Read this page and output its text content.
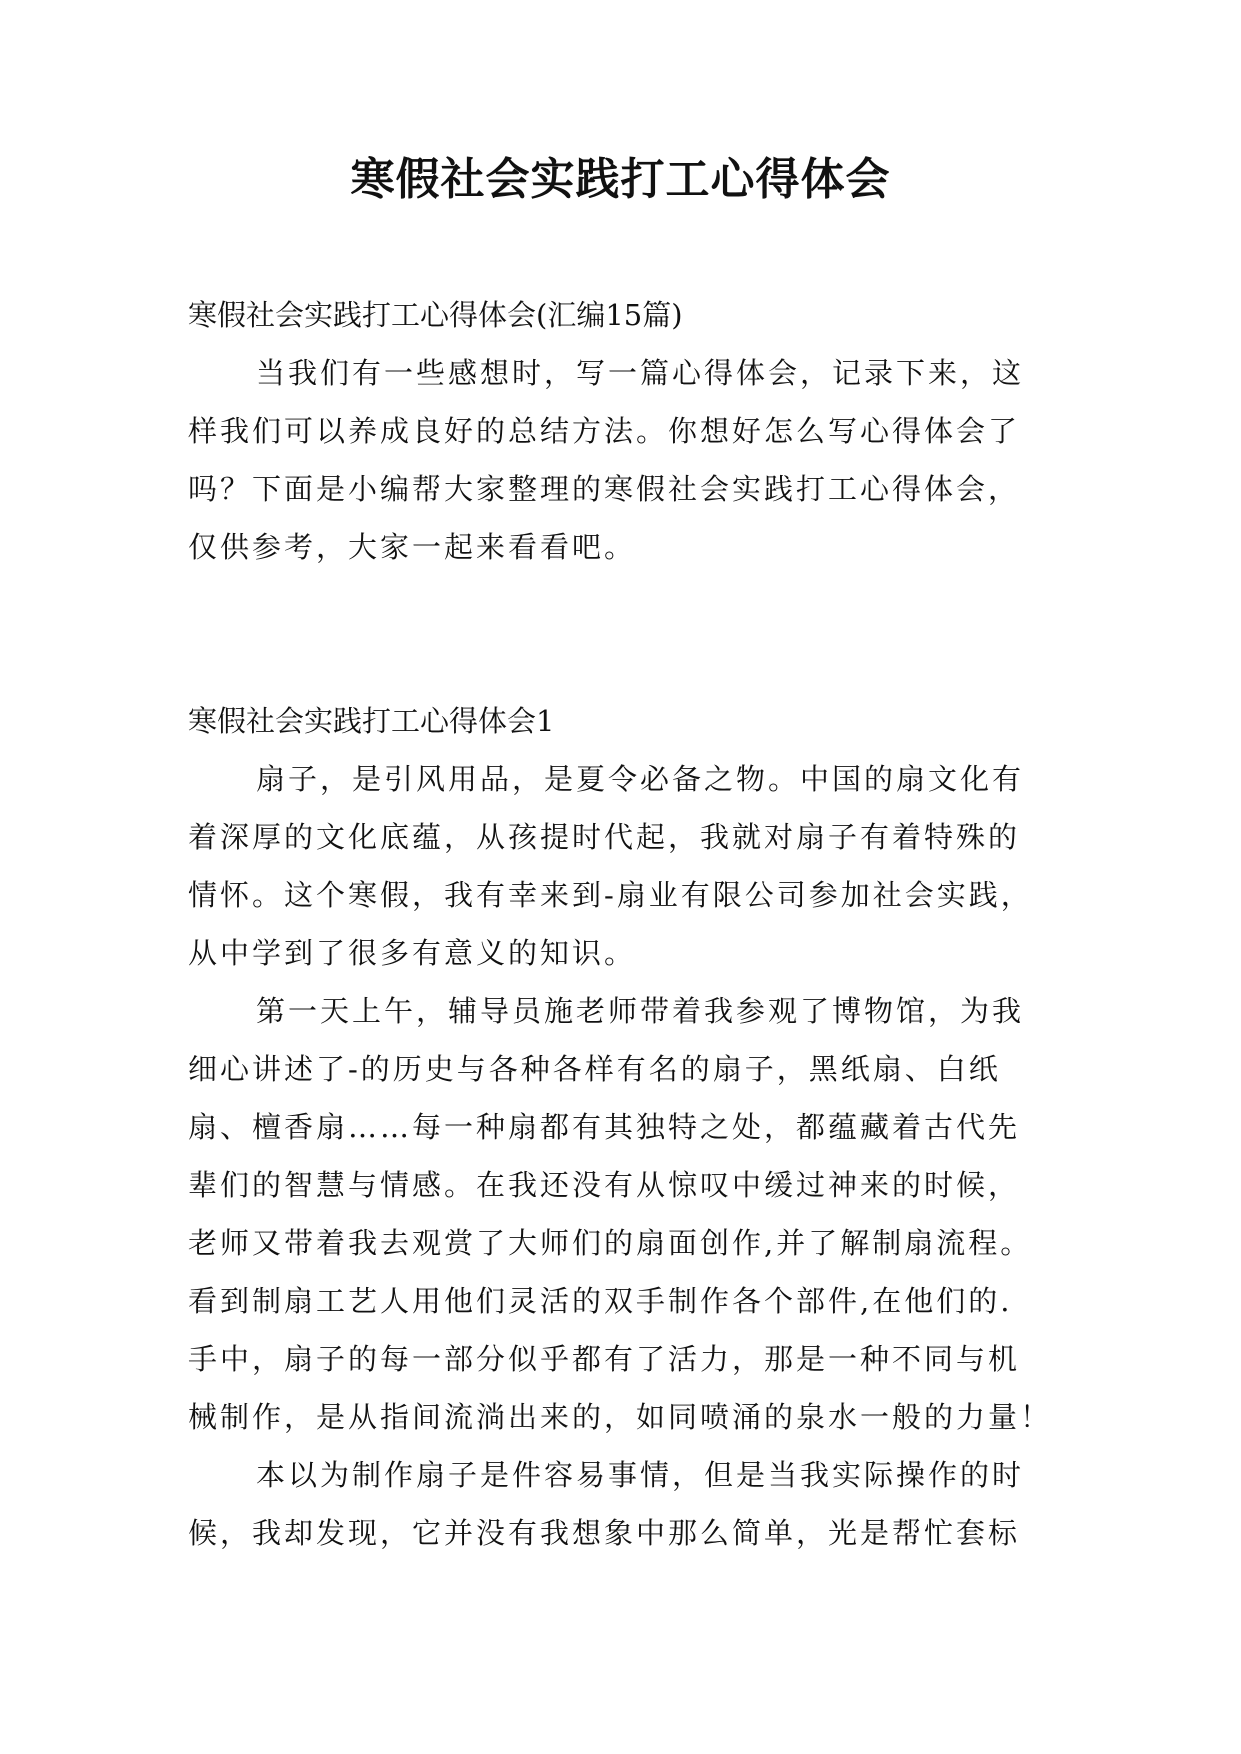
寒假社会实践打工心得体会
寒假社会实践打工心得体会(汇编15篇)
当我们有一些感想时，写一篇心得体会，记录下来，这
样我们可以养成良好的总结方法。你想好怎么写心得体会了
吗？下面是小编帮大家整理的寒假社会实践打工心得体会，
仅供参考，大家一起来看看吧。
寒假社会实践打工心得体会1
扇子，是引风用品，是夏令必备之物。中国的扇文化有
着深厚的文化底蕴，从孩提时代起，我就对扇子有着特殊的
情怀。这个寒假，我有幸来到-扇业有限公司参加社会实践，
从中学到了很多有意义的知识。
第一天上午，辅导员施老师带着我参观了博物馆，为我
细心讲述了-的历史与各种各样有名的扇子，黑纸扇、白纸
扇、檀香扇……每一种扇都有其独特之处，都蕴藏着古代先
辈们的智慧与情感。在我还没有从惊叹中缓过神来的时候，
老师又带着我去观赏了大师们的扇面创作,并了解制扇流程。
看到制扇工艺人用他们灵活的双手制作各个部件,在他们的.
手中，扇子的每一部分似乎都有了活力，那是一种不同与机
械制作，是从指间流淌出来的，如同喷涌的泉水一般的力量！
本以为制作扇子是件容易事情，但是当我实际操作的时
候，我却发现，它并没有我想象中那么简单，光是帮忙套标
